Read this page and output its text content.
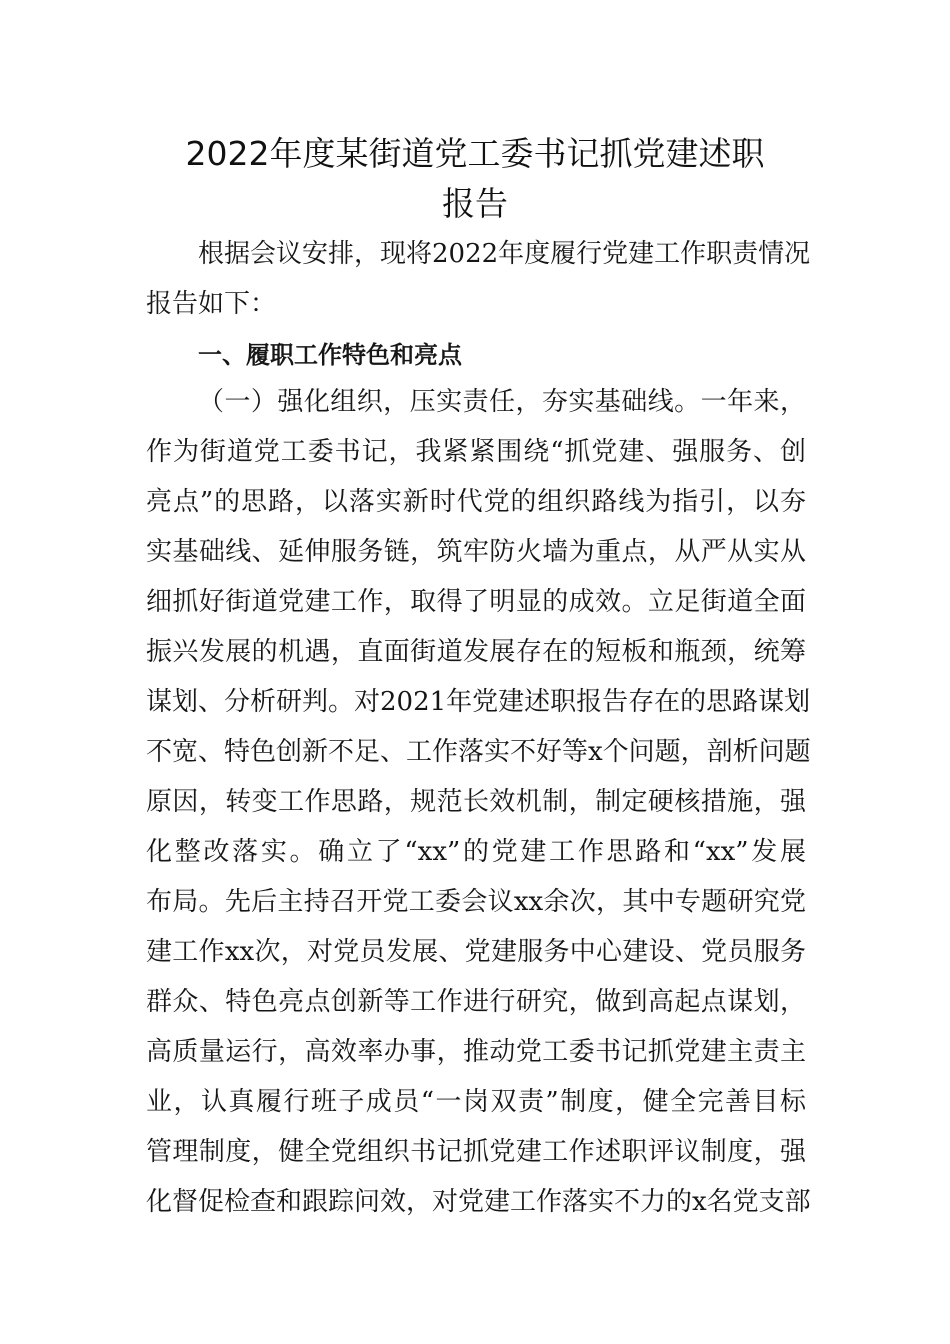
2022年度某街道党工委书记抓党建述职
报告
根据会议安排，现将2022年度履行党建工作职责情况
报告如下：
一、履职工作特色和亮点
（一）强化组织，压实责任，夯实基础线。一年来，
作为街道党工委书记，我紧紧围绕“抓党建、强服务、创
亮点”的思路，以落实新时代党的组织路线为指引，以夯
实基础线、延伸服务链，筑牢防火墙为重点，从严从实从
细抓好街道党建工作，取得了明显的成效。立足街道全面
振兴发展的机遇，直面街道发展存在的短板和瓶颈，统筹
谋划、分析研判。对2021年党建述职报告存在的思路谋划
不宽、特色创新不足、工作落实不好等x个问题，剖析问题
原因，转变工作思路，规范长效机制，制定硬核措施，强
化整改落实。确立了“xx”的党建工作思路和“xx”发展
布局。先后主持召开党工委会议xx余次，其中专题研究党
建工作xx次，对党员发展、党建服务中心建设、党员服务
群众、特色亮点创新等工作进行研究，做到高起点谋划，
高质量运行，高效率办事，推动党工委书记抓党建主责主
业，认真履行班子成员“一岗双责”制度，健全完善目标
管理制度，健全党组织书记抓党建工作述职评议制度，强
化督促检查和跟踪问效，对党建工作落实不力的x名党支部
